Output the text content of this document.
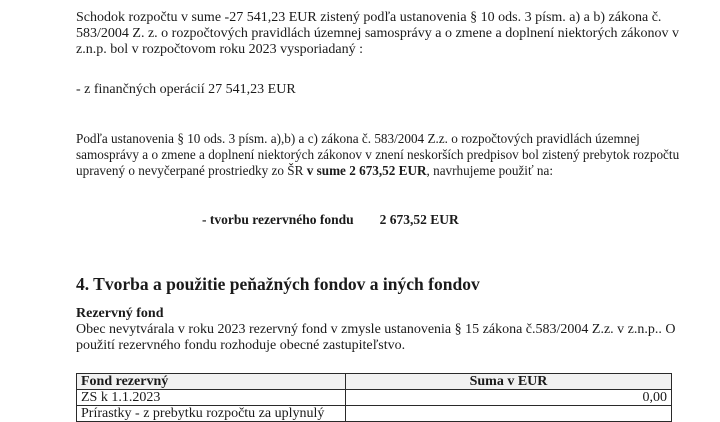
Schodok rozpočtu v sume -27 541,23 EUR zistený podľa ustanovenia § 10 ods. 3 písm. a) a b) zákona č. 583/2004 Z. z. o rozpočtových pravidlách územnej samosprávy a o zmene a doplnení niektorých zákonov v z.n.p. bol v rozpočtovom roku 2023 vysporiadaný :

- z finančných operácií 27 541,23 EUR

Podľa ustanovenia § 10 ods. 3 písm. a),b) a c) zákona č. 583/2004 Z.z. o rozpočtových pravidlách územnej samosprávy a o zmene a doplnení niektorých zákonov v znení neskorších predpisov bol zistený prebytok rozpočtu upravený o nevyčerpané prostriedky zo ŠR v sume 2 673,52 EUR, navrhujeme použiť na:

- tvorbu rezervného fondu 2 673,52 EUR
4. Tvorba a použitie peňažných fondov a iných fondov
Rezervný fond

Obec nevytvárala v roku 2023 rezervný fond v zmysle ustanovenia § 15 zákona č.583/2004 Z.z. v z.n.p.. O použití rezervného fondu rozhoduje obecné zastupiteľstvo.

Fond rezervný	Suma v EUR
ZS k 1.1.2023	0,00
Prírastky - z prebytku rozpočtu za uplynulý	
